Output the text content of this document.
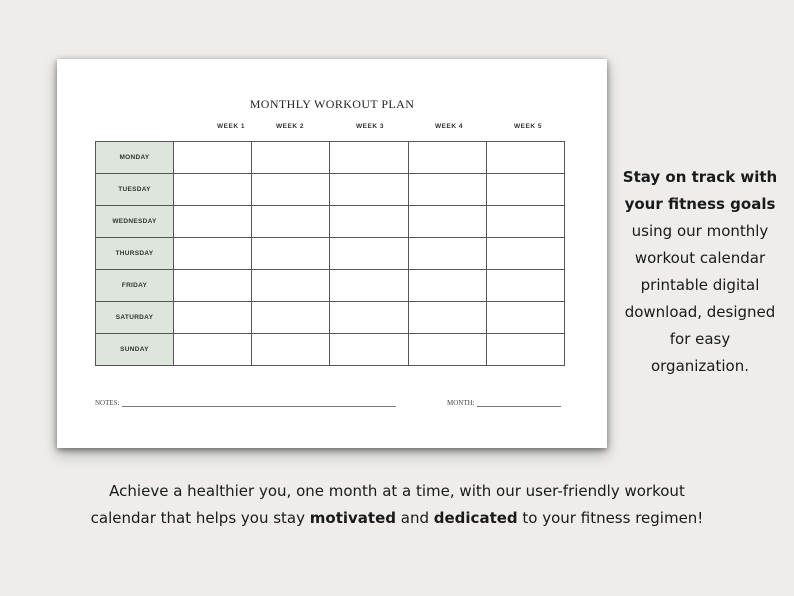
MONTHLY WORKOUT PLAN
WEEK 1	WEEK 2	WEEK 3	WEEK 4	WEEK 5
MONDAY					
TUESDAY					
WEDNESDAY					
THURSDAY					
FRIDAY					
SATURDAY					
SUNDAY					
NOTES:	MONTH:
Stay on track with your fitness goals using our monthly workout calendar printable digital download, designed for easy organization.
Achieve a healthier you, one month at a time, with our user-friendly workout calendar that helps you stay motivated and dedicated to your fitness regimen!
